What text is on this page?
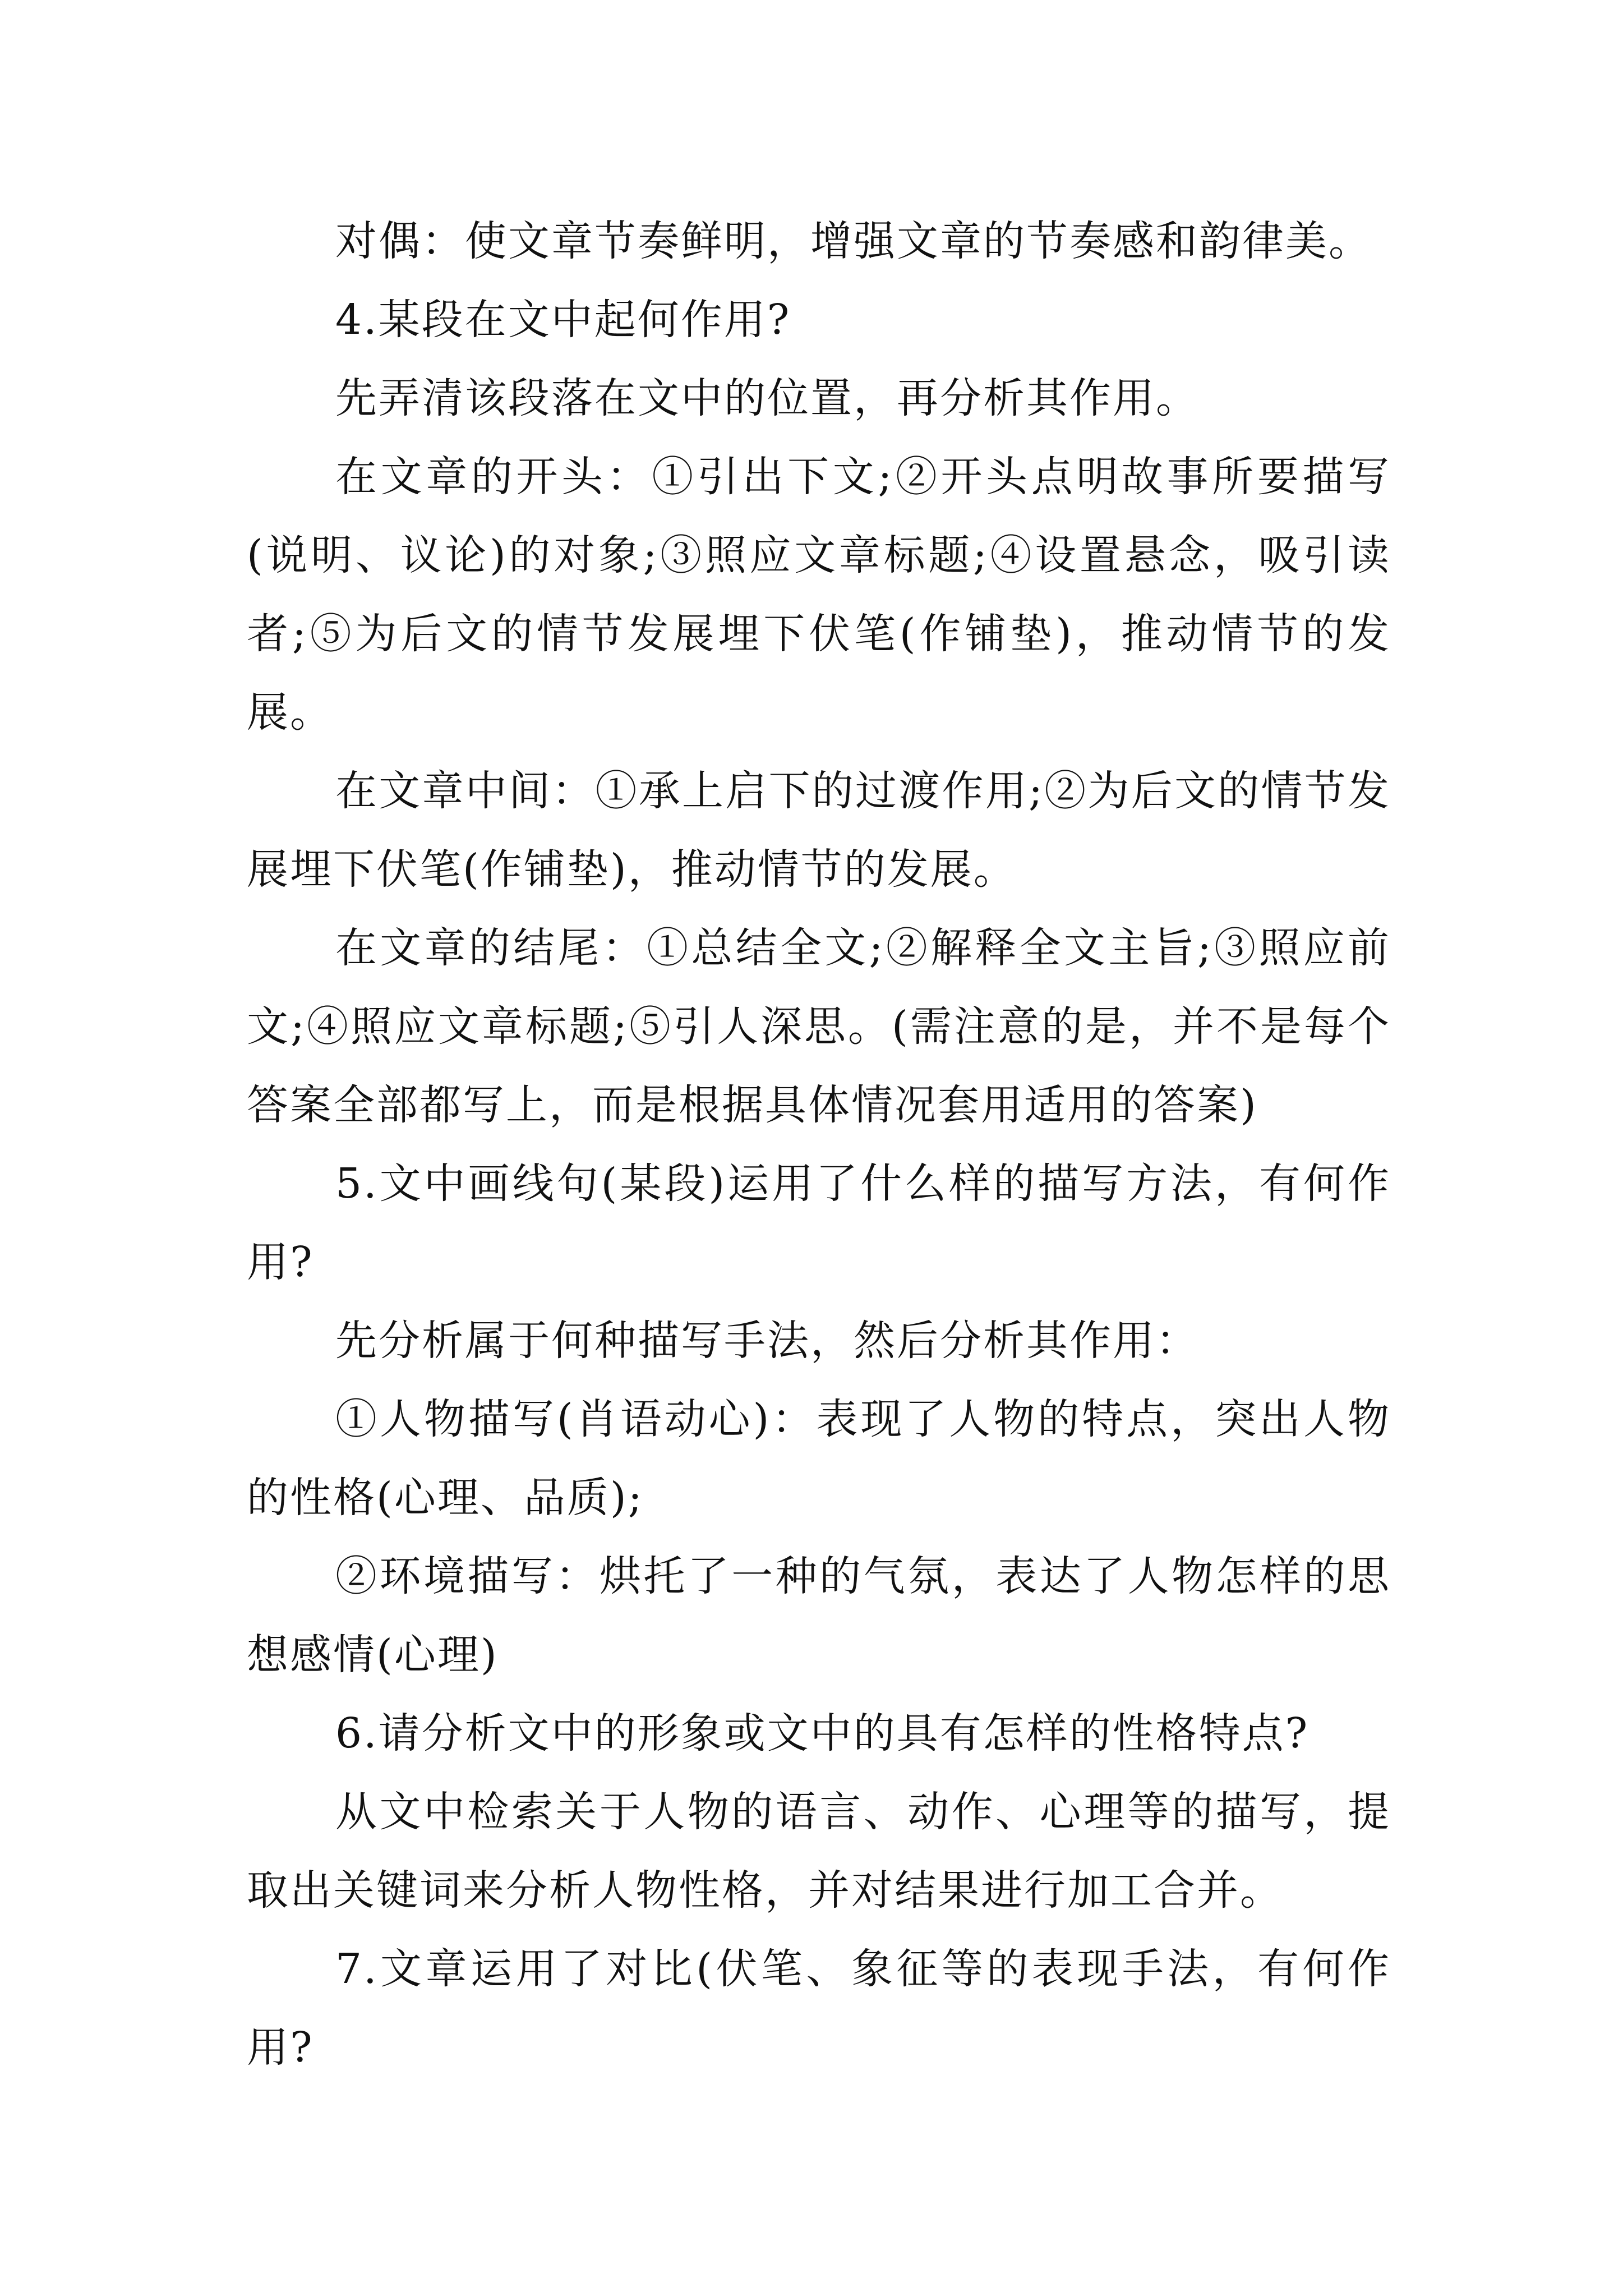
对偶：使文章节奏鲜明，增强文章的节奏感和韵律美。

4.某段在文中起何作用?

先弄清该段落在文中的位置，再分析其作用。

在文章的开头：①引出下文;②开头点明故事所要描写(说明、议论)的对象;③照应文章标题;④设置悬念，吸引读者;⑤为后文的情节发展埋下伏笔(作铺垫)，推动情节的发展。

在文章中间：①承上启下的过渡作用;②为后文的情节发展埋下伏笔(作铺垫)，推动情节的发展。

在文章的结尾：①总结全文;②解释全文主旨;③照应前文;④照应文章标题;⑤引人深思。(需注意的是，并不是每个答案全部都写上，而是根据具体情况套用适用的答案)

5.文中画线句(某段)运用了什么样的描写方法，有何作用?

先分析属于何种描写手法，然后分析其作用：

①人物描写(肖语动心)：表现了人物的特点，突出人物的性格(心理、品质);

②环境描写：烘托了一种的气氛，表达了人物怎样的思想感情(心理)

6.请分析文中的形象或文中的具有怎样的性格特点?

从文中检索关于人物的语言、动作、心理等的描写，提取出关键词来分析人物性格，并对结果进行加工合并。

7.文章运用了对比(伏笔、象征等的表现手法，有何作用?
